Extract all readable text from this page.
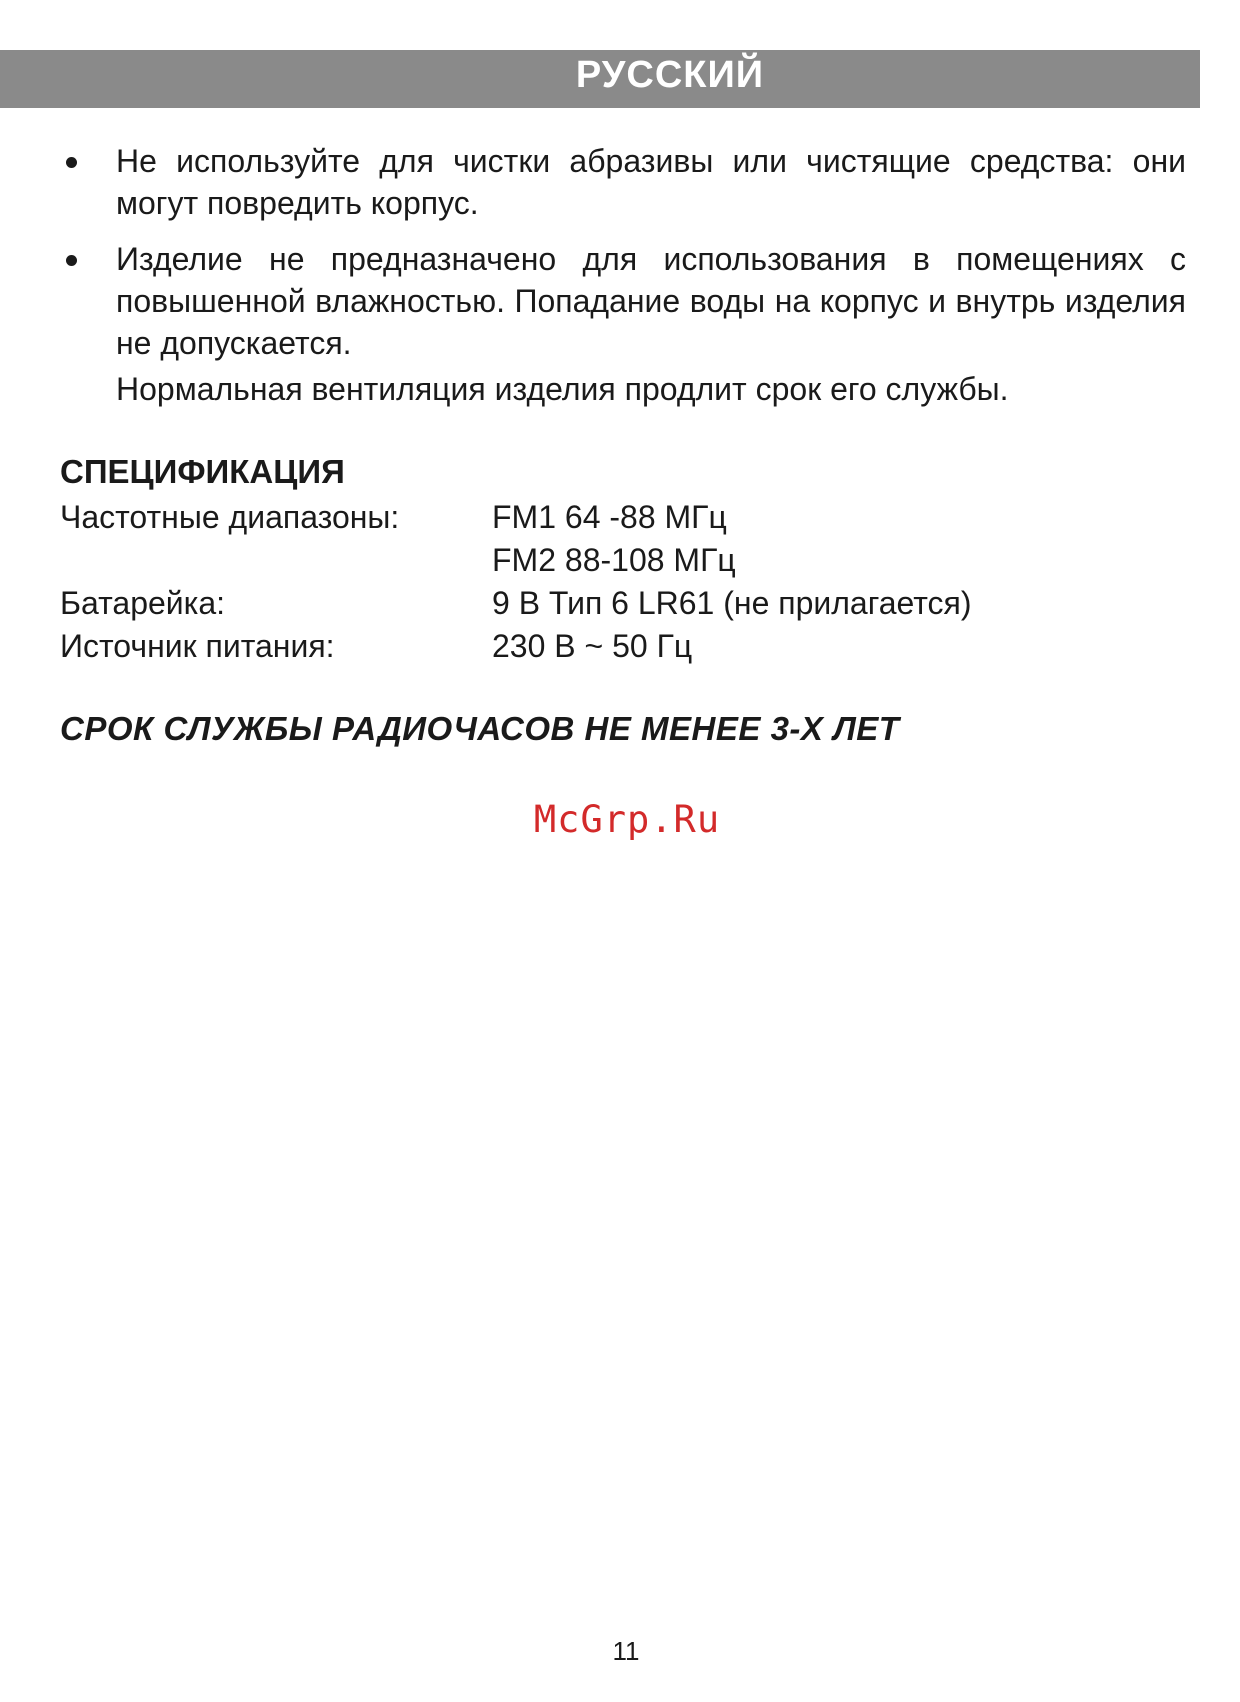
РУССКИЙ

Не используйте для чистки абразивы или чистящие средства: они могут повредить корпус.

Изделие не предназначено для использования в помещениях с повышенной влажностью. Попадание воды на корпус и внутрь изделия не допускается.

Нормальная вентиляция изделия продлит срок его службы.

СПЕЦИФИКАЦИЯ

Частотные диапазоны:	FM1 64 -88 МГц
FM2 88-108 МГц
Батарейка:	9 В Тип 6 LR61 (не прилагается)
Источник питания:	230 В ~ 50 Гц

СРОК СЛУЖБЫ РАДИОЧАСОВ НЕ МЕНЕЕ 3-Х ЛЕТ

McGrp.Ru
11
